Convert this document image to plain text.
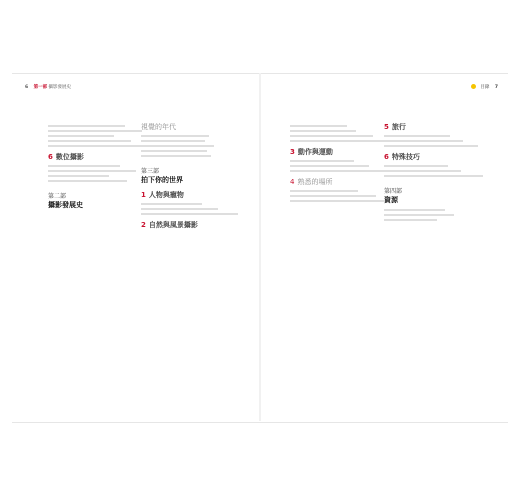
6 第一部 攝影發展史	目錄 7
6 數位攝影
第二部
攝影發展史
視覺的年代
第三部
拍下你的世界
1 人物與寵物
2 自然與風景攝影
3 動作與運動
4 熟悉的場所
5 旅行
6 特殊技巧
第四部
資源
